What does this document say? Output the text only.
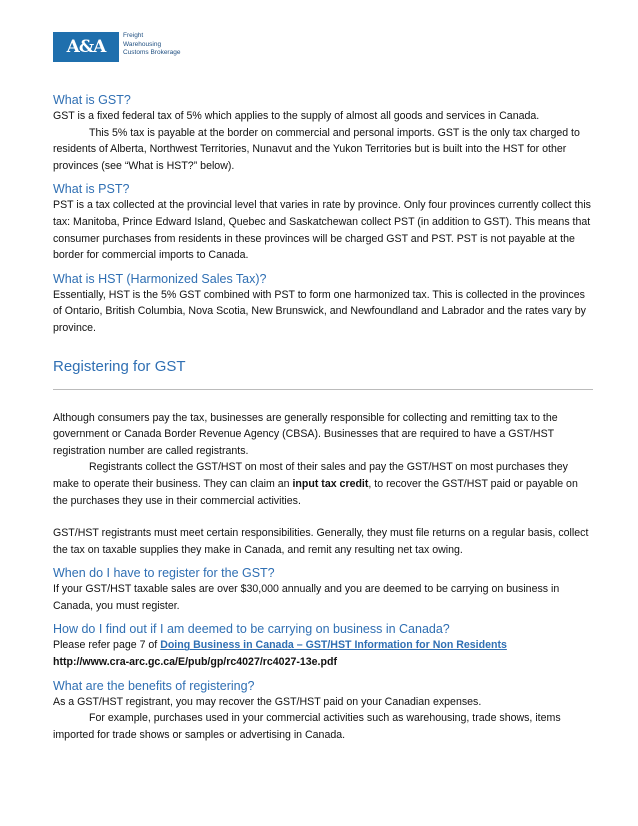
A&A
Freight
Warehousing
Customs Brokerage
What is GST?

GST is a fixed federal tax of 5% which applies to the supply of almost all goods and services in Canada.

This 5% tax is payable at the border on commercial and personal imports. GST is the only tax charged to residents of Alberta, Northwest Territories, Nunavut and the Yukon Territories but is built into the HST for other provinces (see “What is HST?” below).

What is PST?

PST is a tax collected at the provincial level that varies in rate by province. Only four provinces currently collect this tax: Manitoba, Prince Edward Island, Quebec and Saskatchewan collect PST (in addition to GST). This means that consumer purchases from residents in these provinces will be charged GST and PST. PST is not payable at the border for commercial imports to Canada.

What is HST (Harmonized Sales Tax)?

Essentially, HST is the 5% GST combined with PST to form one harmonized tax. This is collected in the provinces of Ontario, British Columbia, Nova Scotia, New Brunswick, and Newfoundland and Labrador and the rates vary by province.

Registering for GST

Although consumers pay the tax, businesses are generally responsible for collecting and remitting tax to the government or Canada Border Revenue Agency (CBSA). Businesses that are required to have a GST/HST registration number are called registrants.

Registrants collect the GST/HST on most of their sales and pay the GST/HST on most purchases they make to operate their business. They can claim an input tax credit, to recover the GST/HST paid or payable on the purchases they use in their commercial activities.

GST/HST registrants must meet certain responsibilities. Generally, they must file returns on a regular basis, collect the tax on taxable supplies they make in Canada, and remit any resulting net tax owing.

When do I have to register for the GST?

If your GST/HST taxable sales are over $30,000 annually and you are deemed to be carrying on business in Canada, you must register.

How do I find out if I am deemed to be carrying on business in Canada?

Please refer page 7 of Doing Business in Canada – GST/HST Information for Non Residents

http://www.cra-arc.gc.ca/E/pub/gp/rc4027/rc4027-13e.pdf

What are the benefits of registering?

As a GST/HST registrant, you may recover the GST/HST paid on your Canadian expenses.

For example, purchases used in your commercial activities such as warehousing, trade shows, items imported for trade shows or samples or advertising in Canada.
